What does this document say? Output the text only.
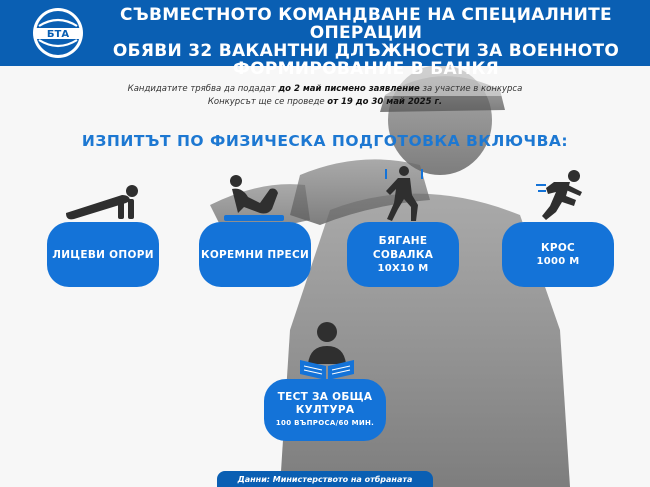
БТА
СЪВМЕСТНОТО КОМАНДВАНЕ НА СПЕЦИАЛНИТЕ ОПЕРАЦИИ
ОБЯВИ 32 ВАКАНТНИ ДЛЪЖНОСТИ ЗА ВОЕННОТО
ФОРМИРОВАНИЕ В БАНКЯ
Кандидатите трябва да подадат до 2 май писмено заявление за участие в конкурса
Конкурсът ще се проведе от 19 до 30 май 2025 г.
ИЗПИТЪТ ПО ФИЗИЧЕСКА ПОДГОТОВКА ВКЛЮЧВА:
ЛИЦЕВИ ОПОРИ	КОРЕМНИ ПРЕСИ
БЯГАНЕ СОВАЛКА
10X10 М
КРОС
1000 М
ТЕСТ ЗА ОБЩА
КУЛТУРА
100 ВЪПРОСА/60 МИН.
Данни: Министерството на отбраната
